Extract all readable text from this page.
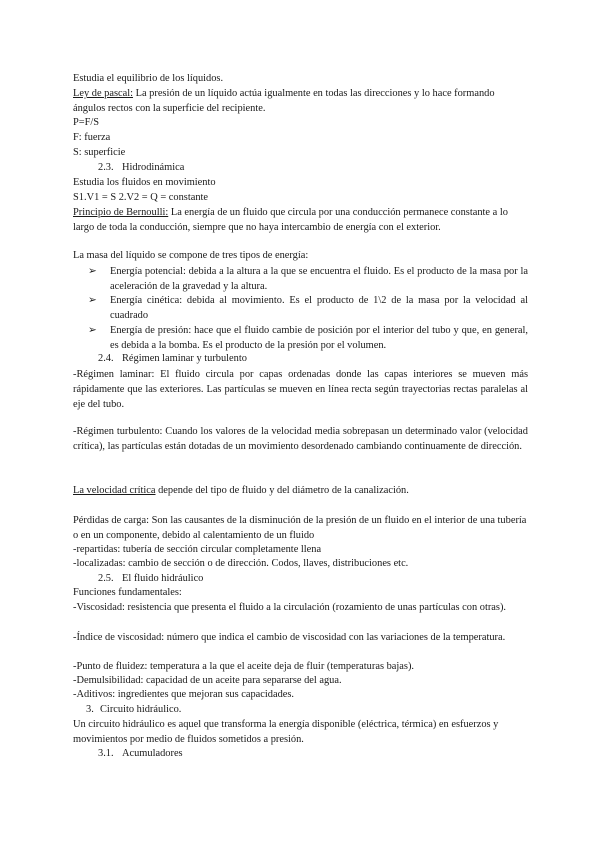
Estudia el equilibrio de los líquidos.
Ley de pascal: La presión de un líquido actúa igualmente en todas las direcciones y lo hace formando ángulos rectos con la superficie del recipiente.
P=F/S
F: fuerza
S: superficie
2.3. Hidrodinámica
Estudia los fluidos en movimiento
S1.V1 = S 2.V2 = Q = constante
Principio de Bernoulli: La energía de un fluido que circula por una conducción permanece constante a lo largo de toda la conducción, siempre que no haya intercambio de energía con el exterior.
La masa del líquido se compone de tres tipos de energía:
➢ Energía potencial: debida a la altura a la que se encuentra el fluido. Es el producto de la masa por la aceleración de la gravedad y la altura.
➢ Energía cinética: debida al movimiento. Es el producto de 1\2 de la masa por la velocidad al cuadrado
➢ Energía de presión: hace que el fluido cambie de posición por el interior del tubo y que, en general, es debida a la bomba. Es el producto de la presión por el volumen.
2.4. Régimen laminar y turbulento
-Régimen laminar: El fluido circula por capas ordenadas donde las capas interiores se mueven más rápidamente que las exteriores. Las partículas se mueven en línea recta según trayectorias rectas paralelas al eje del tubo.
-Régimen turbulento: Cuando los valores de la velocidad media sobrepasan un determinado valor (velocidad crítica), las partículas están dotadas de un movimiento desordenado cambiando continuamente de dirección.
La velocidad crítica depende del tipo de fluido y del diámetro de la canalización.
Pérdidas de carga: Son las causantes de la disminución de la presión de un fluido en el interior de una tubería o en un componente, debido al calentamiento de un fluido
-repartidas: tubería de sección circular completamente llena
-localizadas: cambio de sección o de dirección. Codos, llaves, distribuciones etc.
2.5. El fluido hidráulico
Funciones fundamentales:
-Viscosidad: resistencia que presenta el fluido a la circulación (rozamiento de unas partículas con otras).
-Índice de viscosidad: número que indica el cambio de viscosidad con las variaciones de la temperatura.
-Punto de fluidez: temperatura a la que el aceite deja de fluir (temperaturas bajas).
-Demulsibilidad: capacidad de un aceite para separarse del agua.
-Aditivos: ingredientes que mejoran sus capacidades.
3. Circuito hidráulico.
Un circuito hidráulico es aquel que transforma la energía disponible (eléctrica, térmica) en esfuerzos y movimientos por medio de fluidos sometidos a presión.
3.1. Acumuladores
